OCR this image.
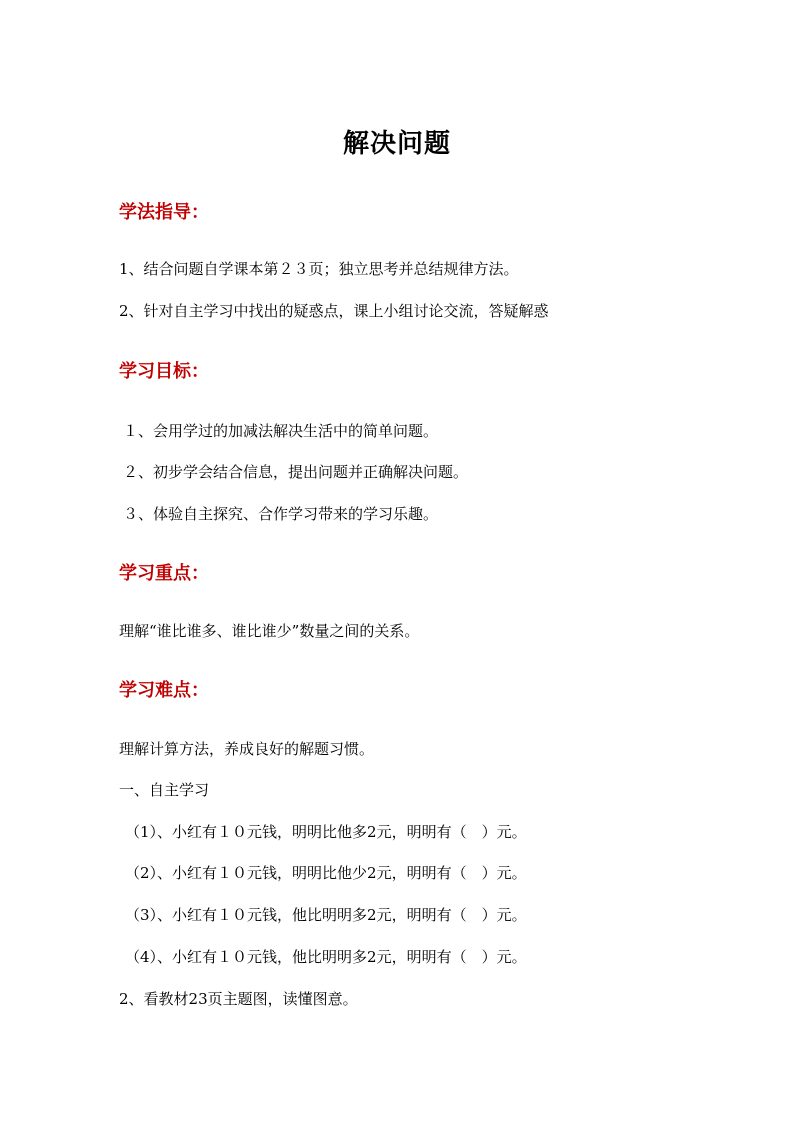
解决问题
学法指导：
1、结合问题自学课本第２３页；独立思考并总结规律方法。
2、针对自主学习中找出的疑惑点，课上小组讨论交流，答疑解惑
学习目标：
１、会用学过的加减法解决生活中的简单问题。
２、初步学会结合信息，提出问题并正确解决问题。
３、体验自主探究、合作学习带来的学习乐趣。
学习重点：
理解“谁比谁多、谁比谁少”数量之间的关系。
学习难点：
理解计算方法，养成良好的解题习惯。
一、自主学习
（1）、小红有１０元钱，明明比他多2元，明明有（　）元。
（2）、小红有１０元钱，明明比他少2元，明明有（　）元。
（3）、小红有１０元钱，他比明明多2元，明明有（　）元。
（4）、小红有１０元钱，他比明明多2元，明明有（　）元。
2、看教材23页主题图，读懂图意。
